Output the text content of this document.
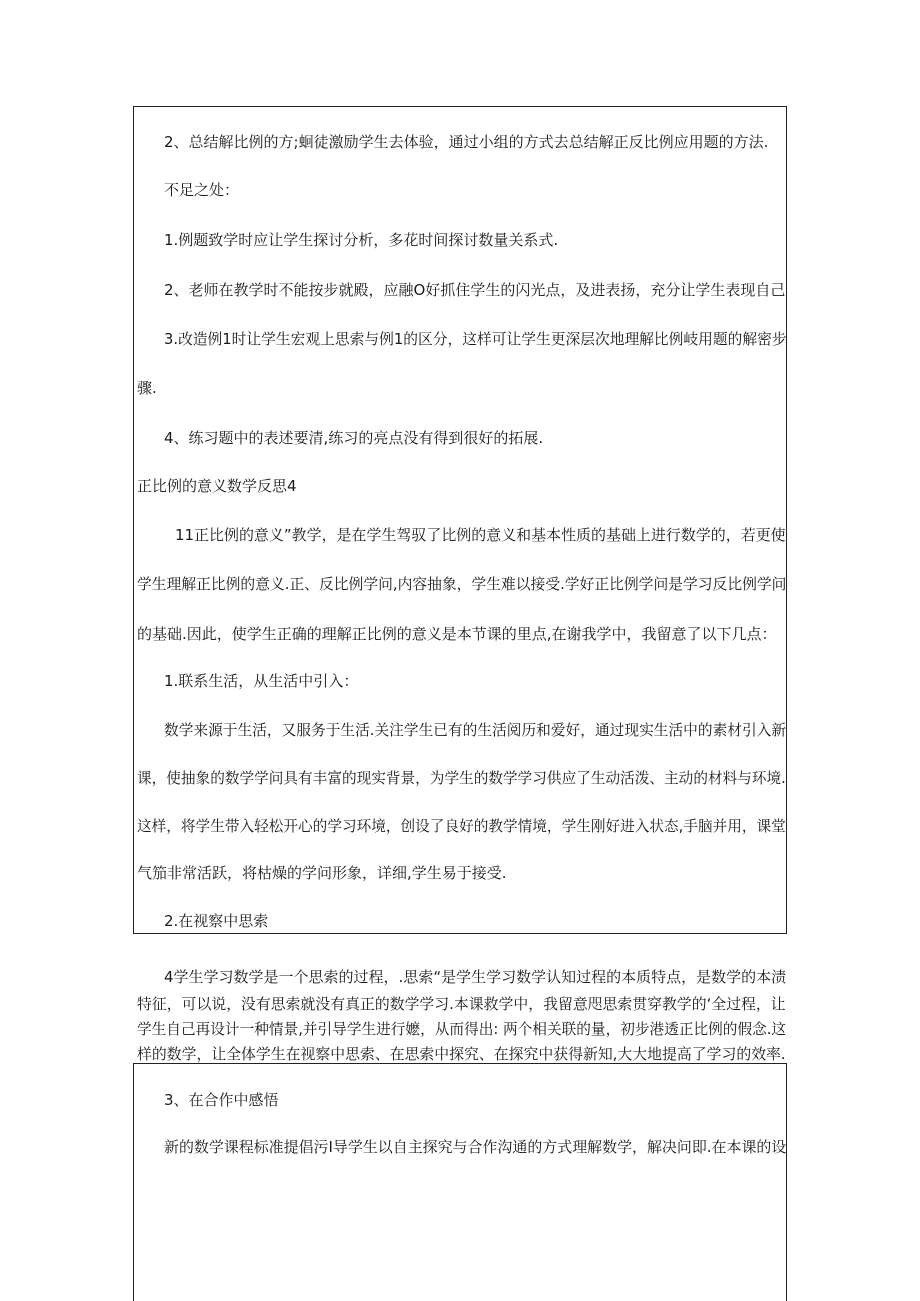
2、总结解比例的方;蛔徒激励学生去体验，通过小组的方式去总结解正反比例应用题的方法.
不足之处：
1.例题致学时应让学生探讨分析，多花时间探讨数量关系式.
2、老师在教学时不能按步就殿，应融O好抓住学生的闪光点，及进表扬，充分让学生表现自己
3.改造例1时让学生宏观上思索与例1的区分，这样可让学生更深层次地理解比例岐用题的解密步
骤.
4、练习题中的表述要清,练习的亮点没有得到很好的拓展.
正比例的意义数学反思4
11正比例的意义”教学，是在学生驾驭了比例的意义和基本性质的基础上进行数学的，若更使
学生理解正比例的意义.正、反比例学问,内容抽象，学生难以接受.学好正比例学问是学习反比例学问
的基础.因此，使学生正确的理解正比例的意义是本节课的里点,在谢我学中，我留意了以下几点：
1.联系生活，从生活中引入：
数学来源于生活，又服务于生活.关注学生已有的生活阅历和爱好，通过现实生活中的素材引入新
课，使抽象的数学学问具有丰富的现实背景，为学生的数学学习供应了生动活泼、主动的材料与环境.
这样，将学生带入轻松开心的学习环境，创设了良好的教学情境，学生刚好进入状态,手脑并用，课堂
气笳非常活跃，将枯燥的学问形象，详细,学生易于接受.
2.在视察中思索
4学生学习数学是一个思索的过程，.思索“是学生学习数学认知过程的本质特点，是数学的本渍
特征，可以说，没有思索就没有真正的数学学习.本课救学中，我留意咫思索贯穿教学的‘全过程，让
学生自己再设计一种情景,并引导学生进行嬷，从而得出: 两个相关联的量，初步港透正比例的假念.这
样的数学，让全体学生在视察中思索、在思索中探究、在探究中获得新知,大大地提高了学习的效率.
3、在合作中感悟
新的数学课程标准提倡污I导学生以自主探究与合作沟通的方式理解数学，解决问即.在本课的设
